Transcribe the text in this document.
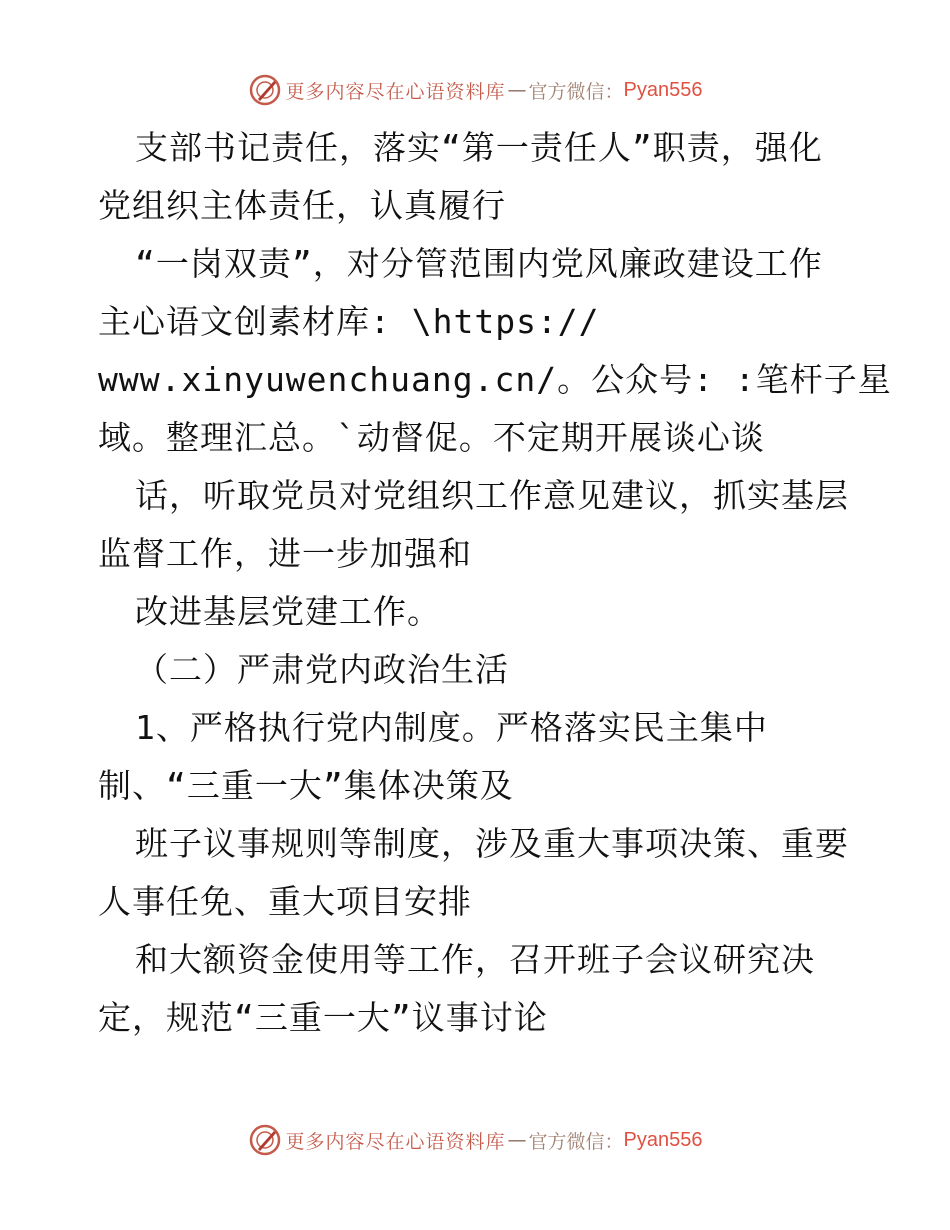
更多内容尽在心语资料库 — 官方微信： Pyan556
支部书记责任，落实“第一责任人”职责，强化
党组织主体责任，认真履行
“一岗双责”，对分管范围内党风廉政建设工作
主心语文创素材库: \https://
www.xinyuwenchuang.cn/。公众号: :笔杆子星
域。整理汇总。`动督促。不定期开展谈心谈
话，听取党员对党组织工作意见建议，抓实基层
监督工作，进一步加强和
改进基层党建工作。
（二）严肃党内政治生活
1、严格执行党内制度。严格落实民主集中
制、“三重一大”集体决策及
班子议事规则等制度，涉及重大事项决策、重要
人事任免、重大项目安排
和大额资金使用等工作，召开班子会议研究决
定，规范“三重一大”议事讨论
更多内容尽在心语资料库 — 官方微信： Pyan556
